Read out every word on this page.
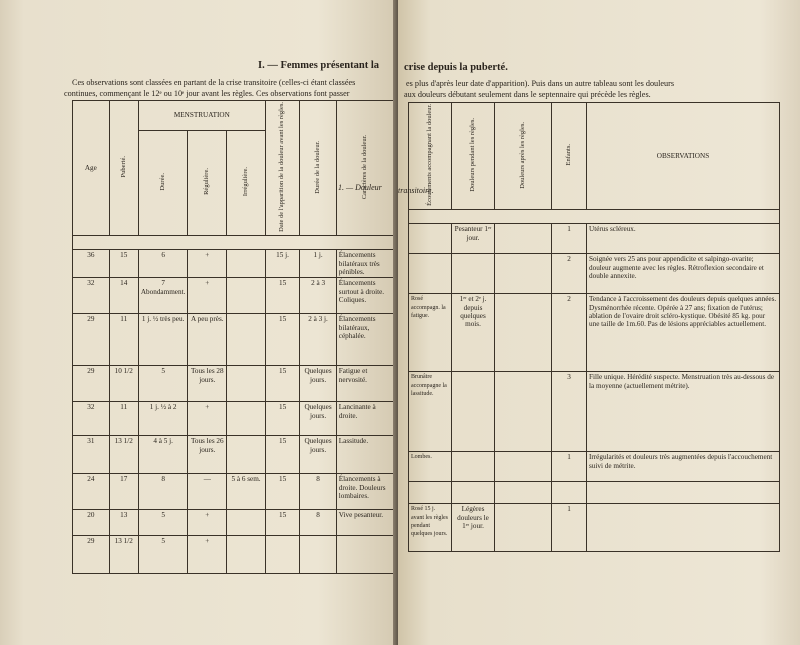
I. — Femmes présentant la
Ces observations sont classées en partant de la crise transitoire (celles-ci étant classées
continues, commençant le 12ᵉ ou 10ᵉ jour avant les règles. Ces observations font passer
Age	Puberté.	MENSTRUATION			Date de l'apparition de la douleur avant les règles.	Durée de la douleur.	Caractères de la douleur.
		Durée.	Régulière.	Irrégulière.			

36	15	6	+		15 j.	1 j.	Élancements bilatéraux très pénibles.
32	14	7 Abondamment.	+		15	2 à 3	Élancements surtout à droite. Coliques.
29	11	1 j. ½ très peu.	A peu près.		15	2 à 3 j.	Élancements bilatéraux, céphalée.
29	10 1/2	5	Tous les 28 jours.		15	Quelques jours.	Fatigue et nervosité.
32	11	1 j. ½ à 2	+		15	Quelques jours.	Lancinante à droite.
31	13 1/2	4 à 5 j.	Tous les 26 jours.		15	Quelques jours.	Lassitude.
24	17	8	—	5 à 6 sem.	15	8	Élancements à droite. Douleurs lombaires.
20	13	5	+		15	8	Vive pesanteur.
29	13 1/2	5	+				
1. — Douleur
crise depuis la puberté.
es plus d'après leur date d'apparition). Puis dans un autre tableau sont les douleurs
aux douleurs débutant seulement dans le septennaire qui précède les règles.
Écoulements accompagnant la douleur.	Douleurs pendant les règles.	Douleurs après les règles.	Enfants.	OBSERVATIONS

	Pesanteur 1ᵉʳ jour.		1	Utérus scléreux.
			2	Soignée vers 25 ans pour appendicite et salpingo-ovarite; douleur augmente avec les règles. Rétroflexion secondaire et double annexite.
Rosé accompagn. la fatigue.	1ᵉʳ et 2ᵉ j. depuis quelques mois.		2	Tendance à l'accroissement des douleurs depuis quelques années. Dysménorrhée récente. Opérée à 27 ans; fixation de l'utérus; ablation de l'ovaire droit scléro-kystique. Obésité 85 kg. pour une taille de 1m.60. Pas de lésions appréciables actuellement.
Brunâtre accompagne la lassitude.			3	Fille unique. Hérédité suspecte. Menstruation très au-dessous de la moyenne (actuellement métrite).
Lombes.			1	Irrégularités et douleurs très augmentées depuis l'accouchement suivi de métrite.

Rosé 15 j. avant les règles pendant quelques jours.	Légères douleurs le 1ᵉʳ jour.		1	
transitoire.
